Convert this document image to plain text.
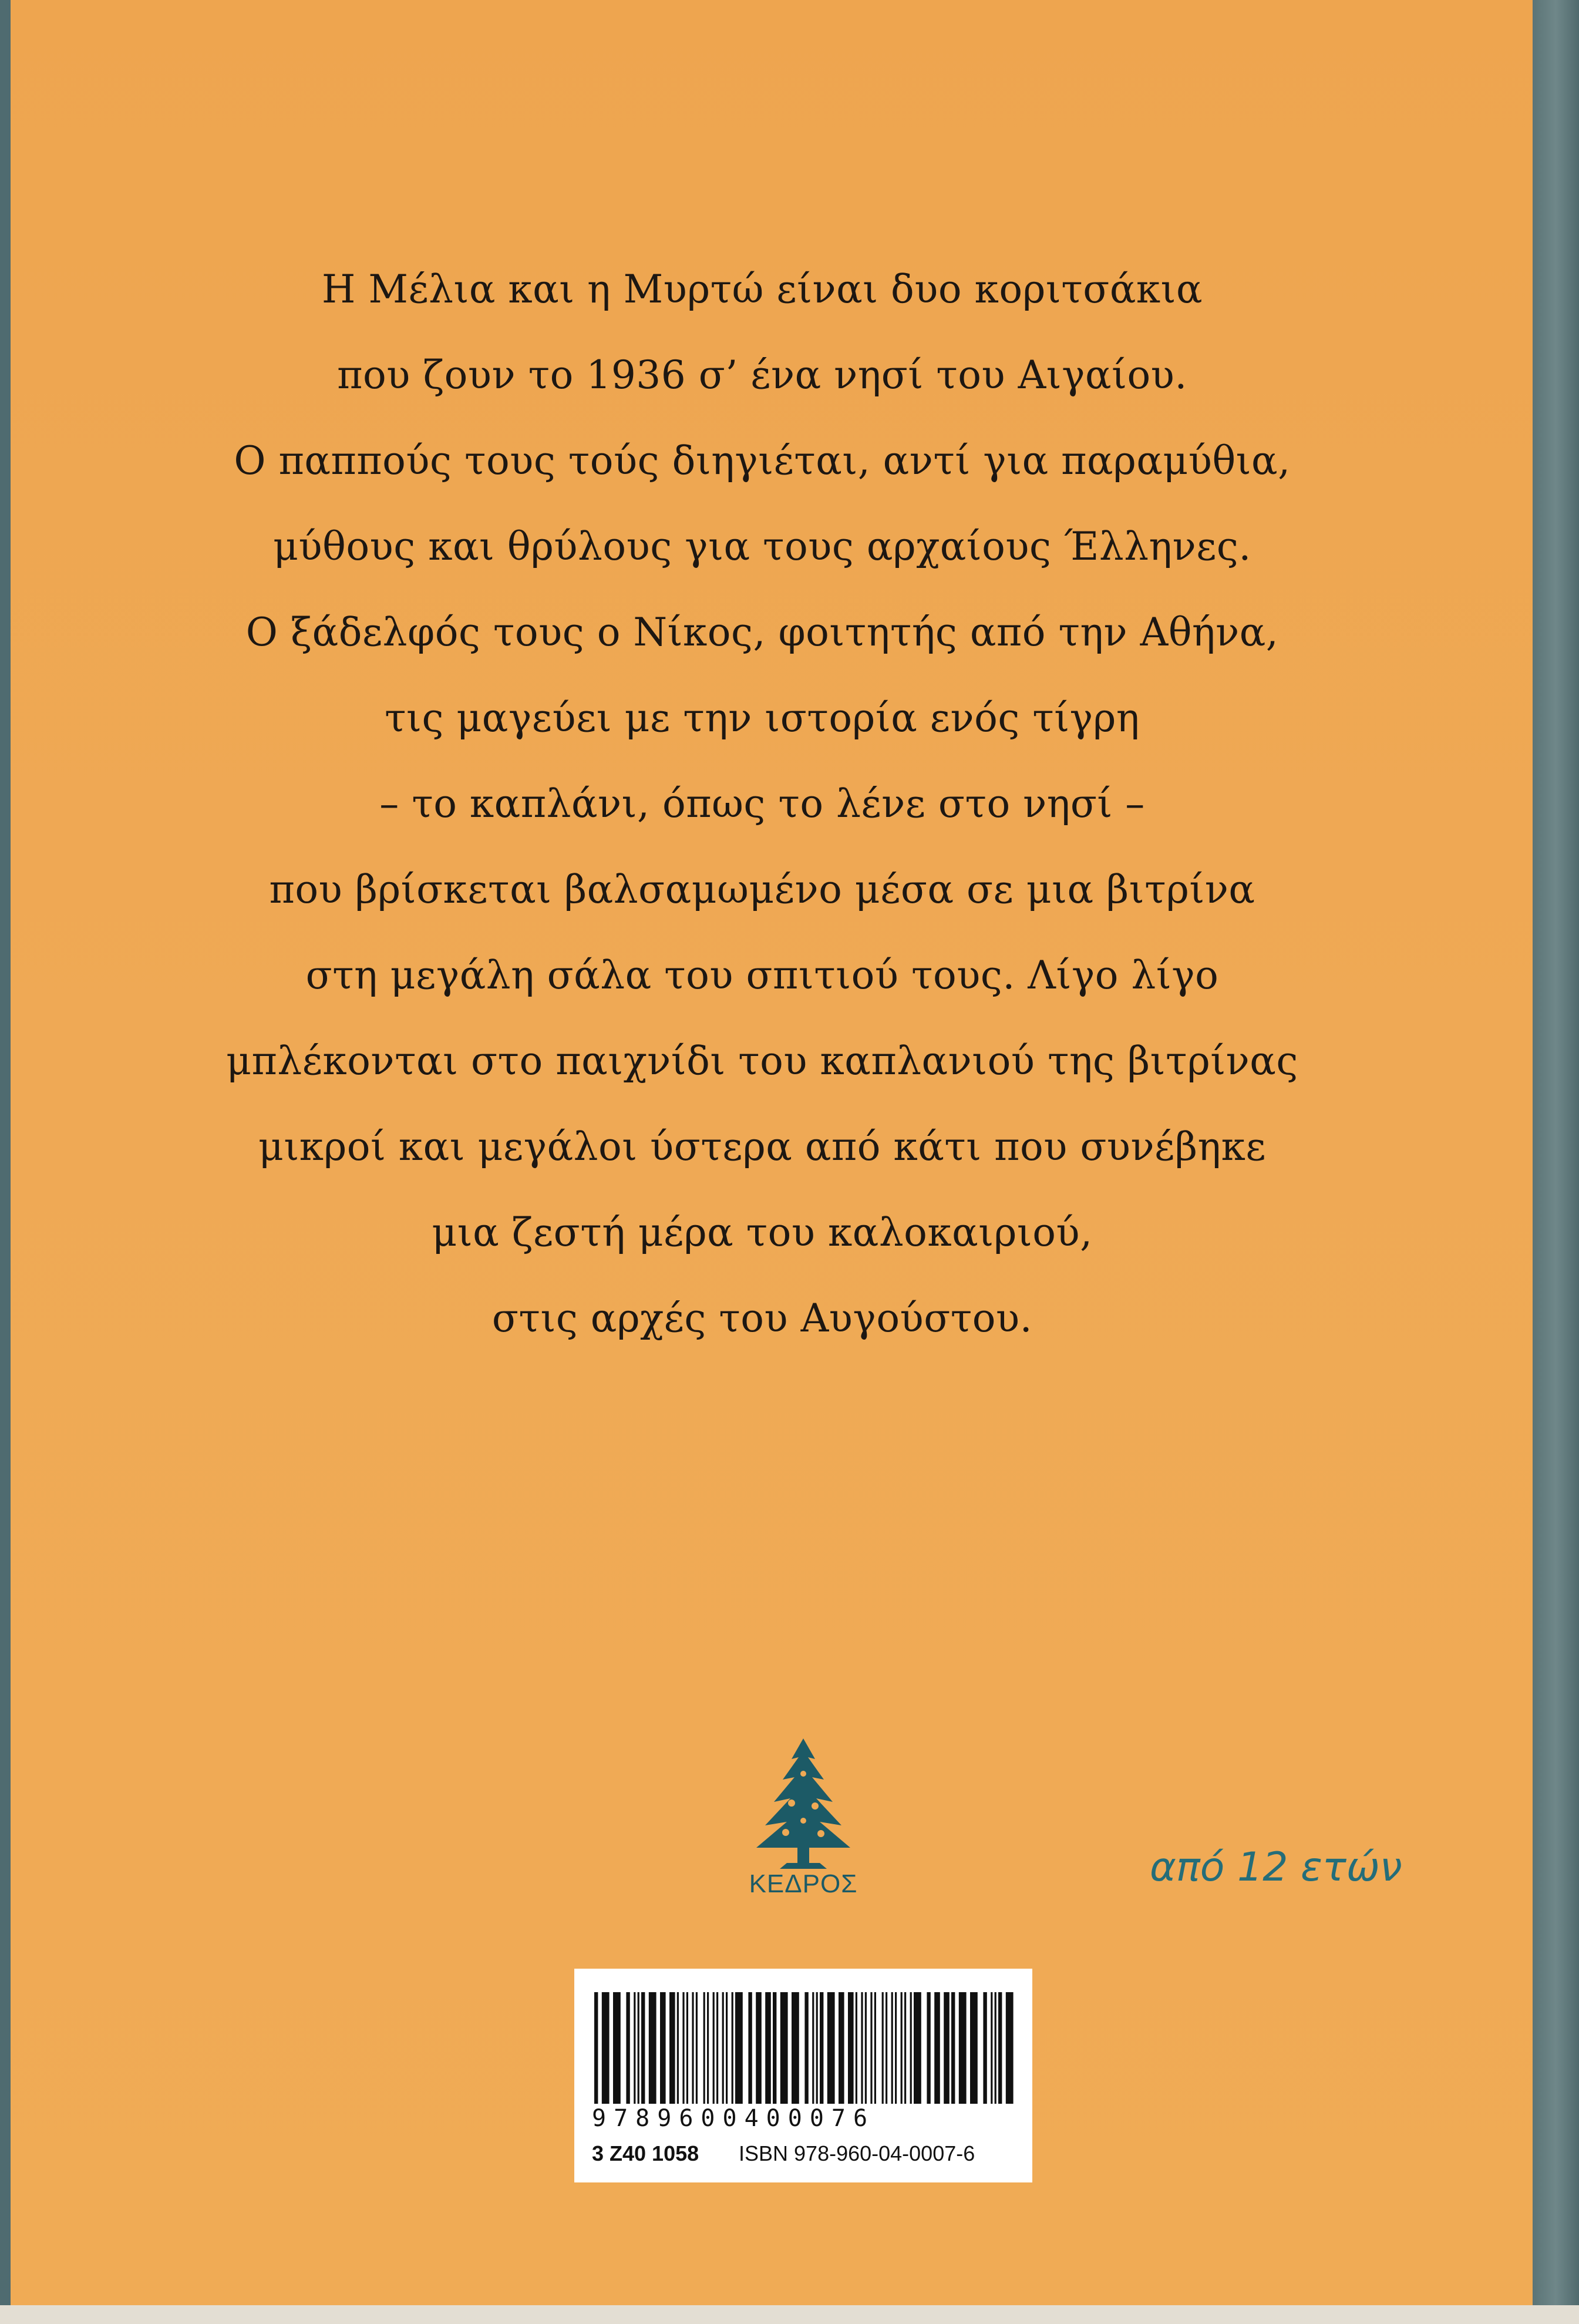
Η Μέλια και η Μυρτώ είναι δυο κοριτσάκια
που ζουν το 1936 σ’ ένα νησί του Αιγαίου.
Ο παππούς τους τούς διηγιέται, αντί για παραμύθια,
μύθους και θρύλους για τους αρχαίους Έλληνες.
Ο ξάδελφός τους ο Νίκος, φοιτητής από την Αθήνα,
τις μαγεύει με την ιστορία ενός τίγρη
– το καπλάνι, όπως το λένε στο νησί –
που βρίσκεται βαλσαμωμένο μέσα σε μια βιτρίνα
στη μεγάλη σάλα του σπιτιού τους. Λίγο λίγο
μπλέκονται στο παιχνίδι του καπλανιού της βιτρίνας
μικροί και μεγάλοι ύστερα από κάτι που συνέβηκε
μια ζεστή μέρα του καλοκαιριού,
στις αρχές του Αυγούστου.
ΚΕΔΡΟΣ	από 12 ετών
9789600400076
3 Z40 1058 ISBN 978-960-04-0007-6
